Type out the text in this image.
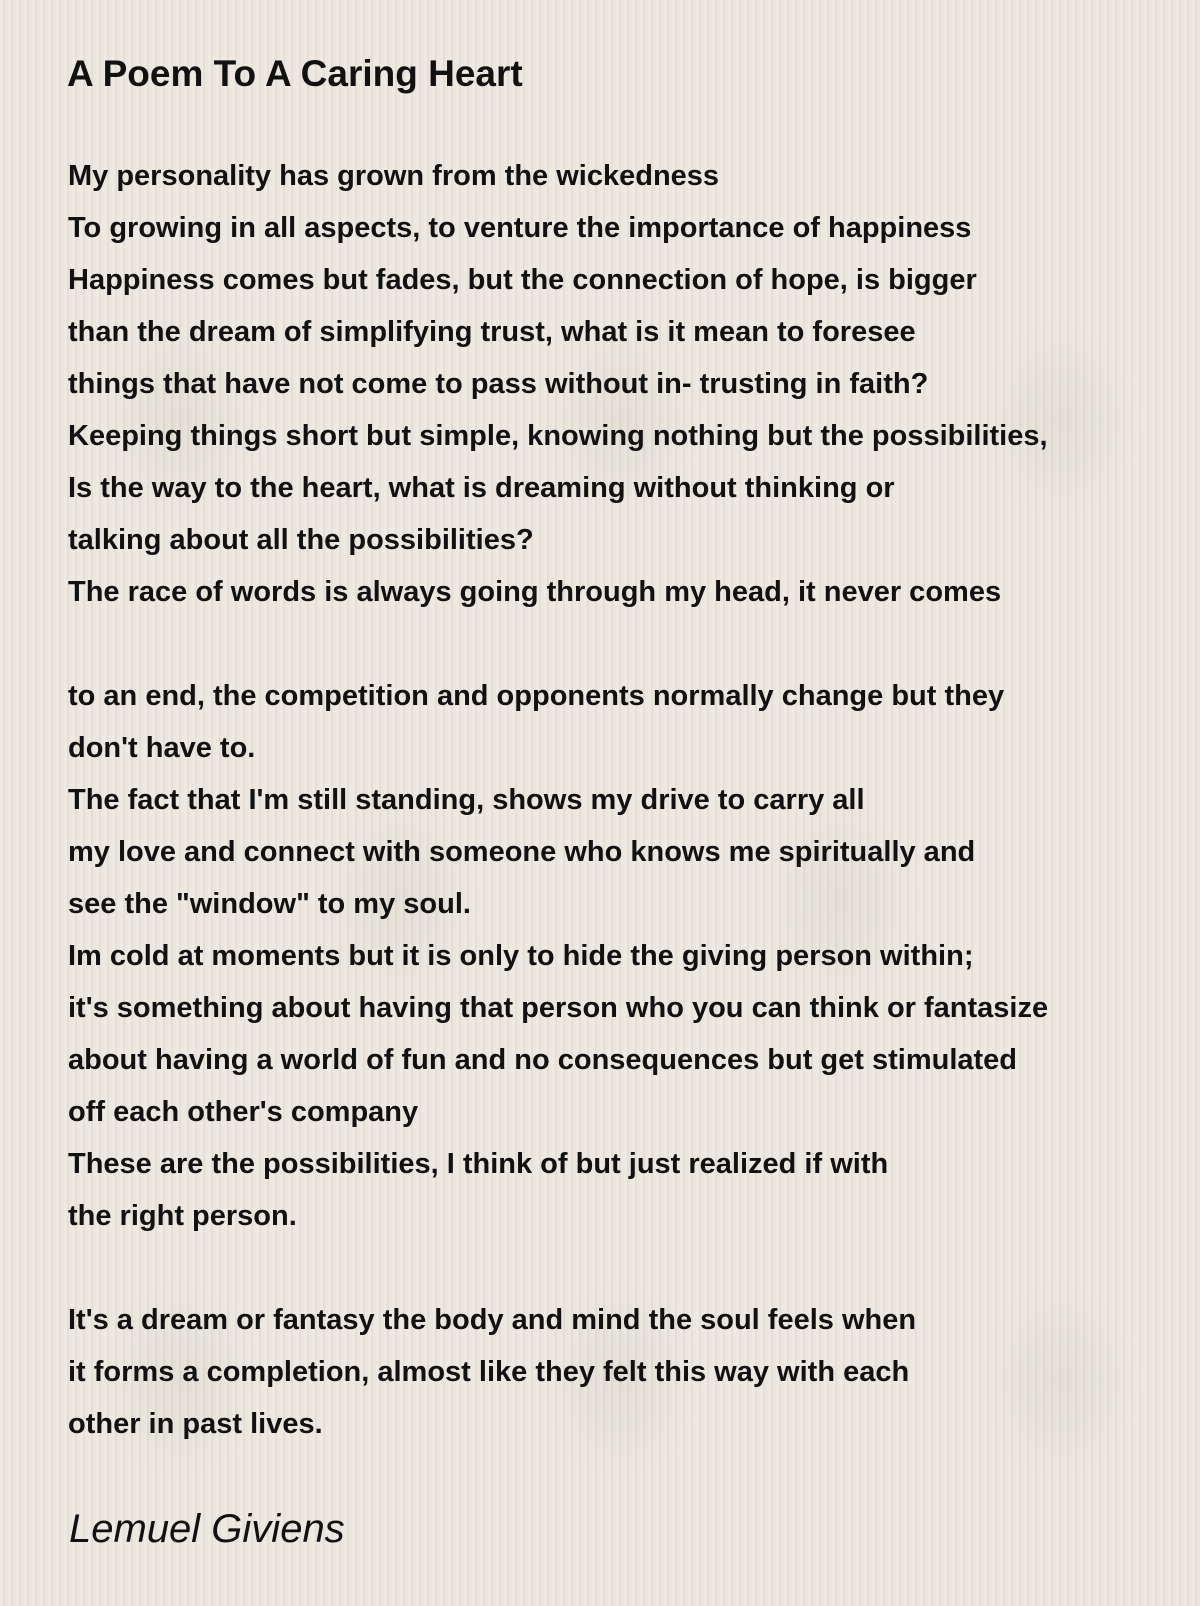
A Poem To A Caring Heart
My personality has grown from the wickedness
To growing in all aspects, to venture the importance of happiness
Happiness comes but fades, but the connection of hope, is bigger
than the dream of simplifying trust, what is it mean to foresee
things that have not come to pass without in- trusting in faith?
Keeping things short but simple, knowing nothing but the possibilities,
Is the way to the heart, what is dreaming without thinking or
talking about all the possibilities?
The race of words is always going through my head, it never comes
to an end, the competition and opponents normally change but they
don't have to.
The fact that I'm still standing, shows my drive to carry all
my love and connect with someone who knows me spiritually and
see the "window" to my soul.
Im cold at moments but it is only to hide the giving person within;
it's something about having that person who you can think or fantasize
about having a world of fun and no consequences but get stimulated
off each other's company
These are the possibilities, I think of but just realized if with
the right person.
It's a dream or fantasy the body and mind the soul feels when
it forms a completion, almost like they felt this way with each
other in past lives.

Lemuel Giviens
